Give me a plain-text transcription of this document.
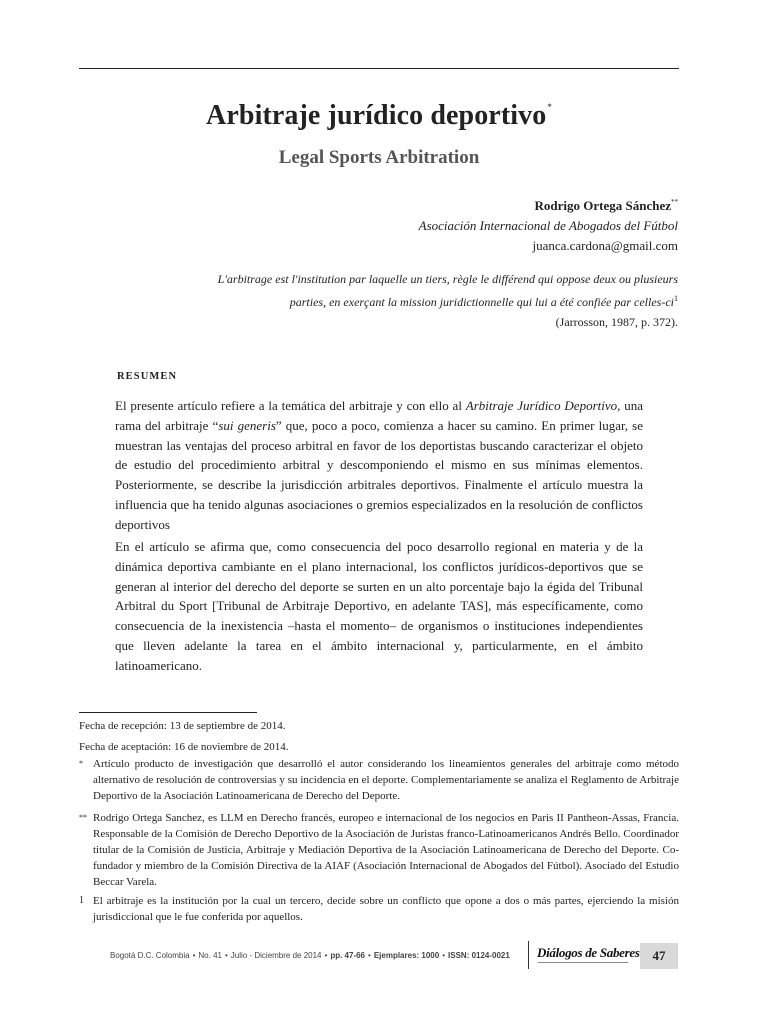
Arbitraje jurídico deportivo*
Legal Sports Arbitration
Rodrigo Ortega Sánchez**
Asociación Internacional de Abogados del Fútbol
juanca.cardona@gmail.com
L'arbitrage est l'institution par laquelle un tiers, règle le différend qui oppose deux ou plusieurs
parties, en exerçant la mission juridictionnelle qui lui a été confiée par celles-$ci^1$
(Jarrosson, 1987, p. 372).
RESUMEN
El presente artículo refiere a la temática del arbitraje y con ello al Arbitraje Jurídico Deportivo, una rama del arbitraje “sui generis” que, poco a poco, comienza a hacer su camino. En primer lugar, se muestran las ventajas del proceso arbitral en favor de los deportistas buscando caracterizar el objeto de estudio del procedimiento arbitral y descomponiendo el mismo en sus mínimas elementos. Posteriormente, se describe la jurisdicción arbitrales deportivos. Finalmente el artículo muestra la influencia que ha tenido algunas asociaciones o gremios especializados en la resolución de conflictos deportivos
En el artículo se afirma que, como consecuencia del poco desarrollo regional en materia y de la dinámica deportiva cambiante en el plano internacional, los conflictos jurídicos-deportivos que se generan al interior del derecho del deporte se surten en un alto porcentaje bajo la égida del Tribunal Arbitral du Sport [Tribunal de Arbitraje Deportivo, en adelante TAS], más específicamente, como consecuencia de la inexistencia –hasta el momento– de organismos o instituciones independientes que lleven adelante la tarea en el ámbito internacional y, particularmente, en el ámbito latinoamericano.
Fecha de recepción: 13 de septiembre de 2014.
Fecha de aceptación: 16 de noviembre de 2014.
* Artículo producto de investigación que desarrolló el autor considerando los lineamientos generales del arbitraje como método alternativo de resolución de controversias y su incidencia en el deporte. Complementariamente se analiza el Reglamento de Arbitraje Deportivo de la Asociación Latinoamericana de Derecho del Deporte.
** Rodrigo Ortega Sanchez, es LLM en Derecho francés, europeo e internacional de los negocios en Paris II Pantheon-Assas, Francia. Responsable de la Comisión de Derecho Deportivo de la Asociación de Juristas franco-Latinoamericanos Andrés Bello. Coordinador titular de la Comisión de Justicia, Arbitraje y Mediación Deportiva de la Asociación Latinoamericana de Derecho del Deporte. Co- fundador y miembro de la Comisión Directiva de la AIAF (Asociación Internacional de Abogados del Fútbol). Asociado del Estudio Beccar Varela.
1 El arbitraje es la institución por la cual un tercero, decide sobre un conflicto que opone a dos o más partes, ejerciendo la misión jurisdiccional que le fue conferida por aquellos.
Bogotá D.C. Colombia • No. 41 • Julio - Diciembre de 2014 • pp. 47-66 • Ejemplares: 1000 • ISSN: 0124-0021 Diálogos de Saberes 47
